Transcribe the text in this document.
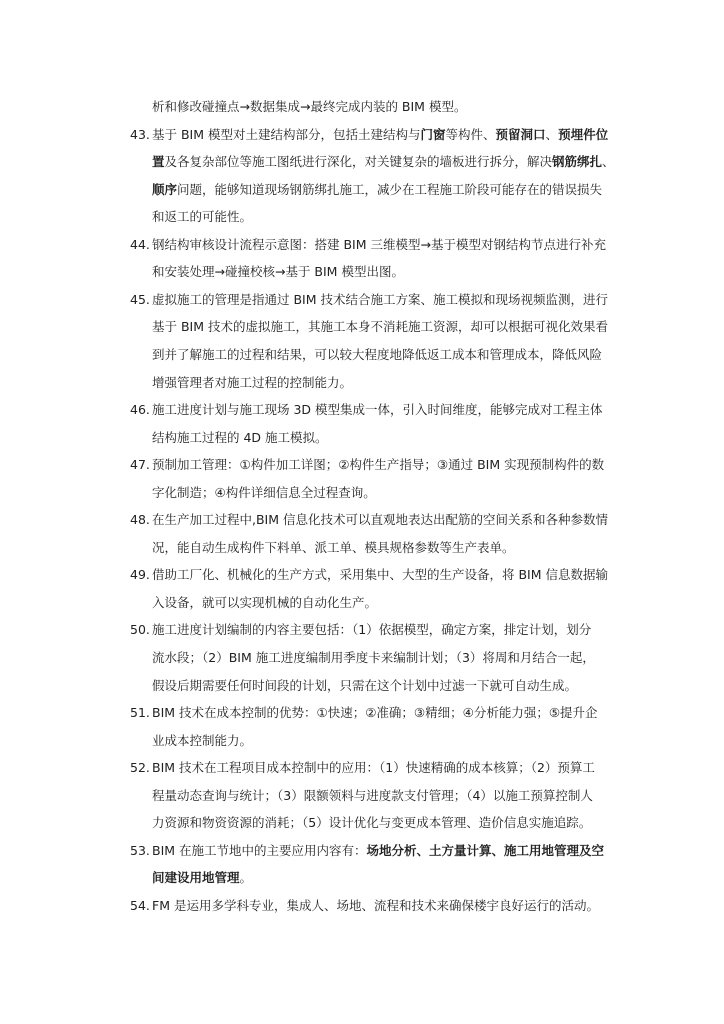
析和修改碰撞点→数据集成→最终完成内装的 BIM 模型。
43. 基于 BIM 模型对土建结构部分，包括土建结构与门窗等构件、预留洞口、预埋件位
置及各复杂部位等施工图纸进行深化，对关键复杂的墙板进行拆分，解决钢筋绑扎、
顺序问题，能够知道现场钢筋绑扎施工，减少在工程施工阶段可能存在的错误损失
和返工的可能性。
44. 钢结构审核设计流程示意图：搭建 BIM 三维模型→基于模型对钢结构节点进行补充
和安装处理→碰撞校核→基于 BIM 模型出图。
45. 虚拟施工的管理是指通过 BIM 技术结合施工方案、施工模拟和现场视频监测，进行
基于 BIM 技术的虚拟施工，其施工本身不消耗施工资源，却可以根据可视化效果看
到并了解施工的过程和结果，可以较大程度地降低返工成本和管理成本，降低风险
增强管理者对施工过程的控制能力。
46. 施工进度计划与施工现场 3D 模型集成一体，引入时间维度，能够完成对工程主体
结构施工过程的 4D 施工模拟。
47. 预制加工管理：①构件加工详图；②构件生产指导；③通过 BIM 实现预制构件的数
字化制造；④构件详细信息全过程查询。
48. 在生产加工过程中,BIM 信息化技术可以直观地表达出配筋的空间关系和各种参数情
况，能自动生成构件下料单、派工单、模具规格参数等生产表单。
49. 借助工厂化、机械化的生产方式，采用集中、大型的生产设备，将 BIM 信息数据输
入设备，就可以实现机械的自动化生产。
50. 施工进度计划编制的内容主要包括：（1）依据模型，确定方案，排定计划，划分
流水段；（2）BIM 施工进度编制用季度卡来编制计划；（3）将周和月结合一起，
假设后期需要任何时间段的计划，只需在这个计划中过滤一下就可自动生成。
51. BIM 技术在成本控制的优势：①快速；②准确；③精细；④分析能力强；⑤提升企
业成本控制能力。
52. BIM 技术在工程项目成本控制中的应用：（1）快速精确的成本核算；（2）预算工
程量动态查询与统计；（3）限额领料与进度款支付管理；（4）以施工预算控制人
力资源和物资资源的消耗；（5）设计优化与变更成本管理、造价信息实施追踪。
53. BIM 在施工节地中的主要应用内容有：场地分析、土方量计算、施工用地管理及空
间建设用地管理。
54. FM 是运用多学科专业，集成人、场地、流程和技术来确保楼宇良好运行的活动。
